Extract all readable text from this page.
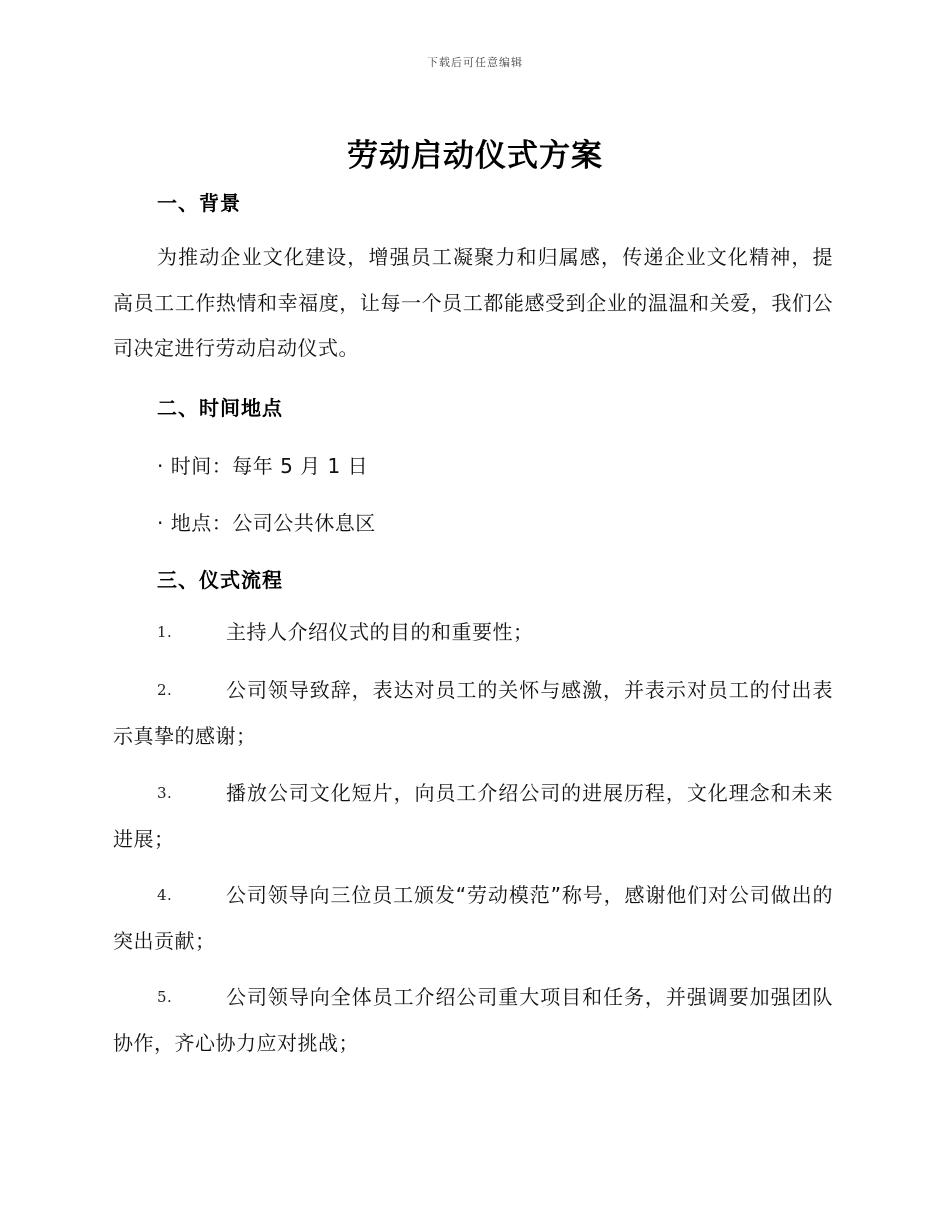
下载后可任意编辑
劳动启动仪式方案
一、背景
为推动企业文化建设，增强员工凝聚力和归属感，传递企业文化精神，提高员工工作热情和幸福度，让每一个员工都能感受到企业的温温和关爱，我们公司决定进行劳动启动仪式。
二、时间地点
· 时间：每年 5 月 1 日
· 地点：公司公共休息区
三、仪式流程
1.	主持人介绍仪式的目的和重要性；
2.	公司领导致辞，表达对员工的关怀与感激，并表示对员工的付出表示真挚的感谢；
3.	播放公司文化短片，向员工介绍公司的进展历程，文化理念和未来进展；
4.	公司领导向三位员工颁发“劳动模范”称号，感谢他们对公司做出的突出贡献；
5.	公司领导向全体员工介绍公司重大项目和任务，并强调要加强团队协作，齐心协力应对挑战；
